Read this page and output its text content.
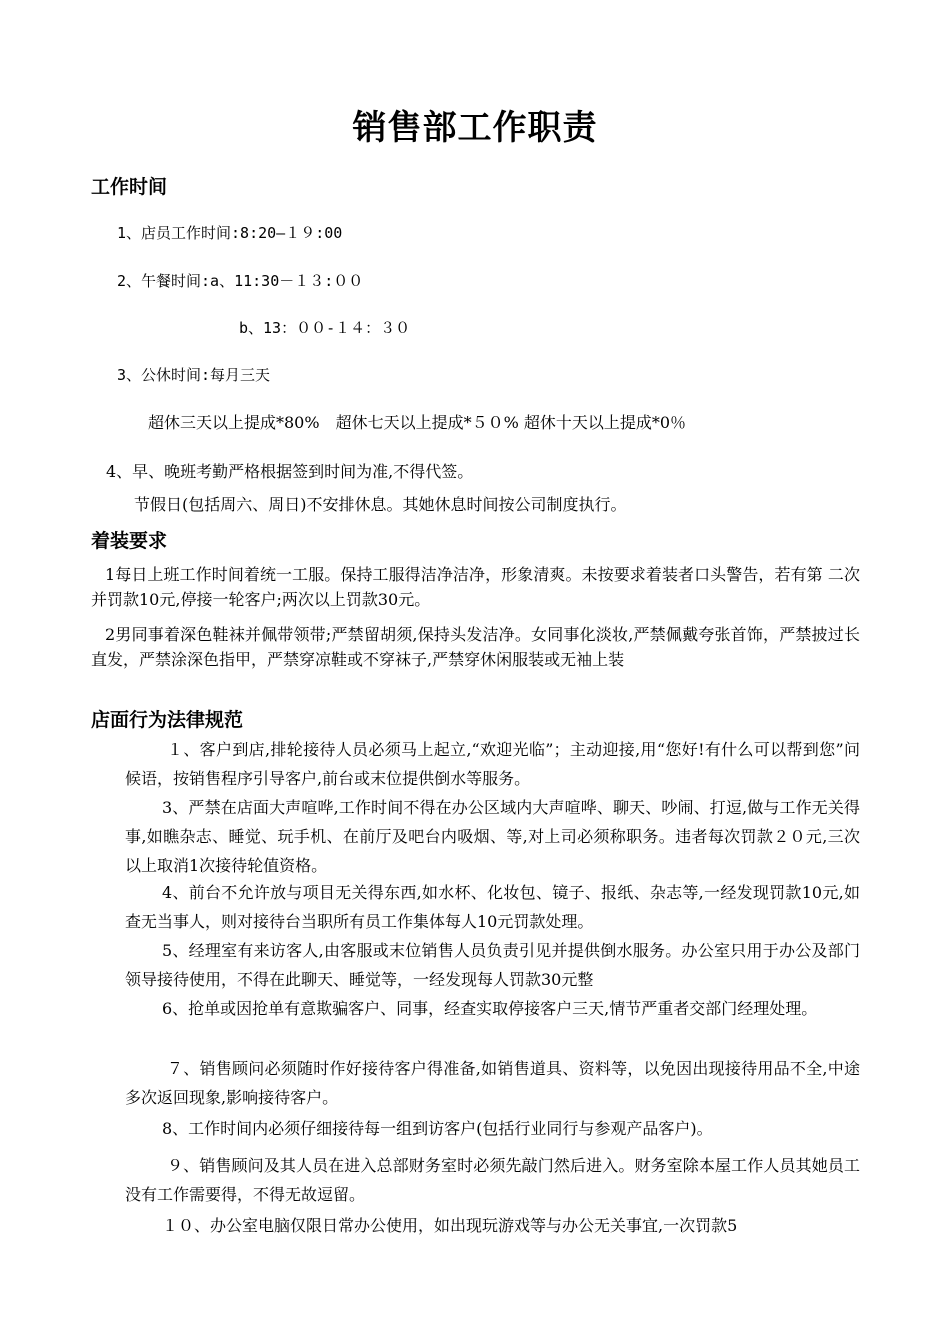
销售部工作职责
工作时间
1、店员工作时间:8:20—１９:00
2、午餐时间:a、11:30－１３:００
b、13：００-１４：３０
3、公休时间:每月三天
超休三天以上提成*80%　超休七天以上提成*５０% 超休十天以上提成*0％
4、早、晚班考勤严格根据签到时间为准,不得代签。
节假日(包括周六、周日)不安排休息。其她休息时间按公司制度执行。
着装要求
1每日上班工作时间着统一工服。保持工服得洁净洁净，形象清爽。未按要求着装者口头警告，若有第 二次并罚款10元,停接一轮客户;两次以上罚款30元。
2男同事着深色鞋袜并佩带领带;严禁留胡须,保持头发洁净。女同事化淡妆,严禁佩戴夸张首饰，严禁披过长直发，严禁涂深色指甲，严禁穿凉鞋或不穿袜子,严禁穿休闲服装或无袖上装
店面行为法律规范
１、客户到店,排轮接待人员必须马上起立,“欢迎光临”；主动迎接,用“您好!有什么可以帮到您”问候语，按销售程序引导客户,前台或末位提供倒水等服务。
3、严禁在店面大声喧哗,工作时间不得在办公区域内大声喧哗、聊天、吵闹、打逗,做与工作无关得事,如瞧杂志、睡觉、玩手机、在前厅及吧台内吸烟、等,对上司必须称职务。违者每次罚款２０元,三次以上取消1次接待轮值资格。
4、前台不允许放与项目无关得东西,如水杯、化妆包、镜子、报纸、杂志等,一经发现罚款10元,如查无当事人，则对接待台当职所有员工作集体每人10元罚款处理。
5、经理室有来访客人,由客服或末位销售人员负责引见并提供倒水服务。办公室只用于办公及部门领导接待使用，不得在此聊天、睡觉等，一经发现每人罚款30元整
6、抢单或因抢单有意欺骗客户、同事，经查实取停接客户三天,情节严重者交部门经理处理。
７、销售顾问必须随时作好接待客户得准备,如销售道具、资料等，以免因出现接待用品不全,中途多次返回现象,影响接待客户。
8、工作时间内必须仔细接待每一组到访客户(包括行业同行与参观产品客户)。
９、销售顾问及其人员在进入总部财务室时必须先敲门然后进入。财务室除本屋工作人员其她员工没有工作需要得，不得无故逗留。
１０、办公室电脑仅限日常办公使用，如出现玩游戏等与办公无关事宜,一次罚款5
